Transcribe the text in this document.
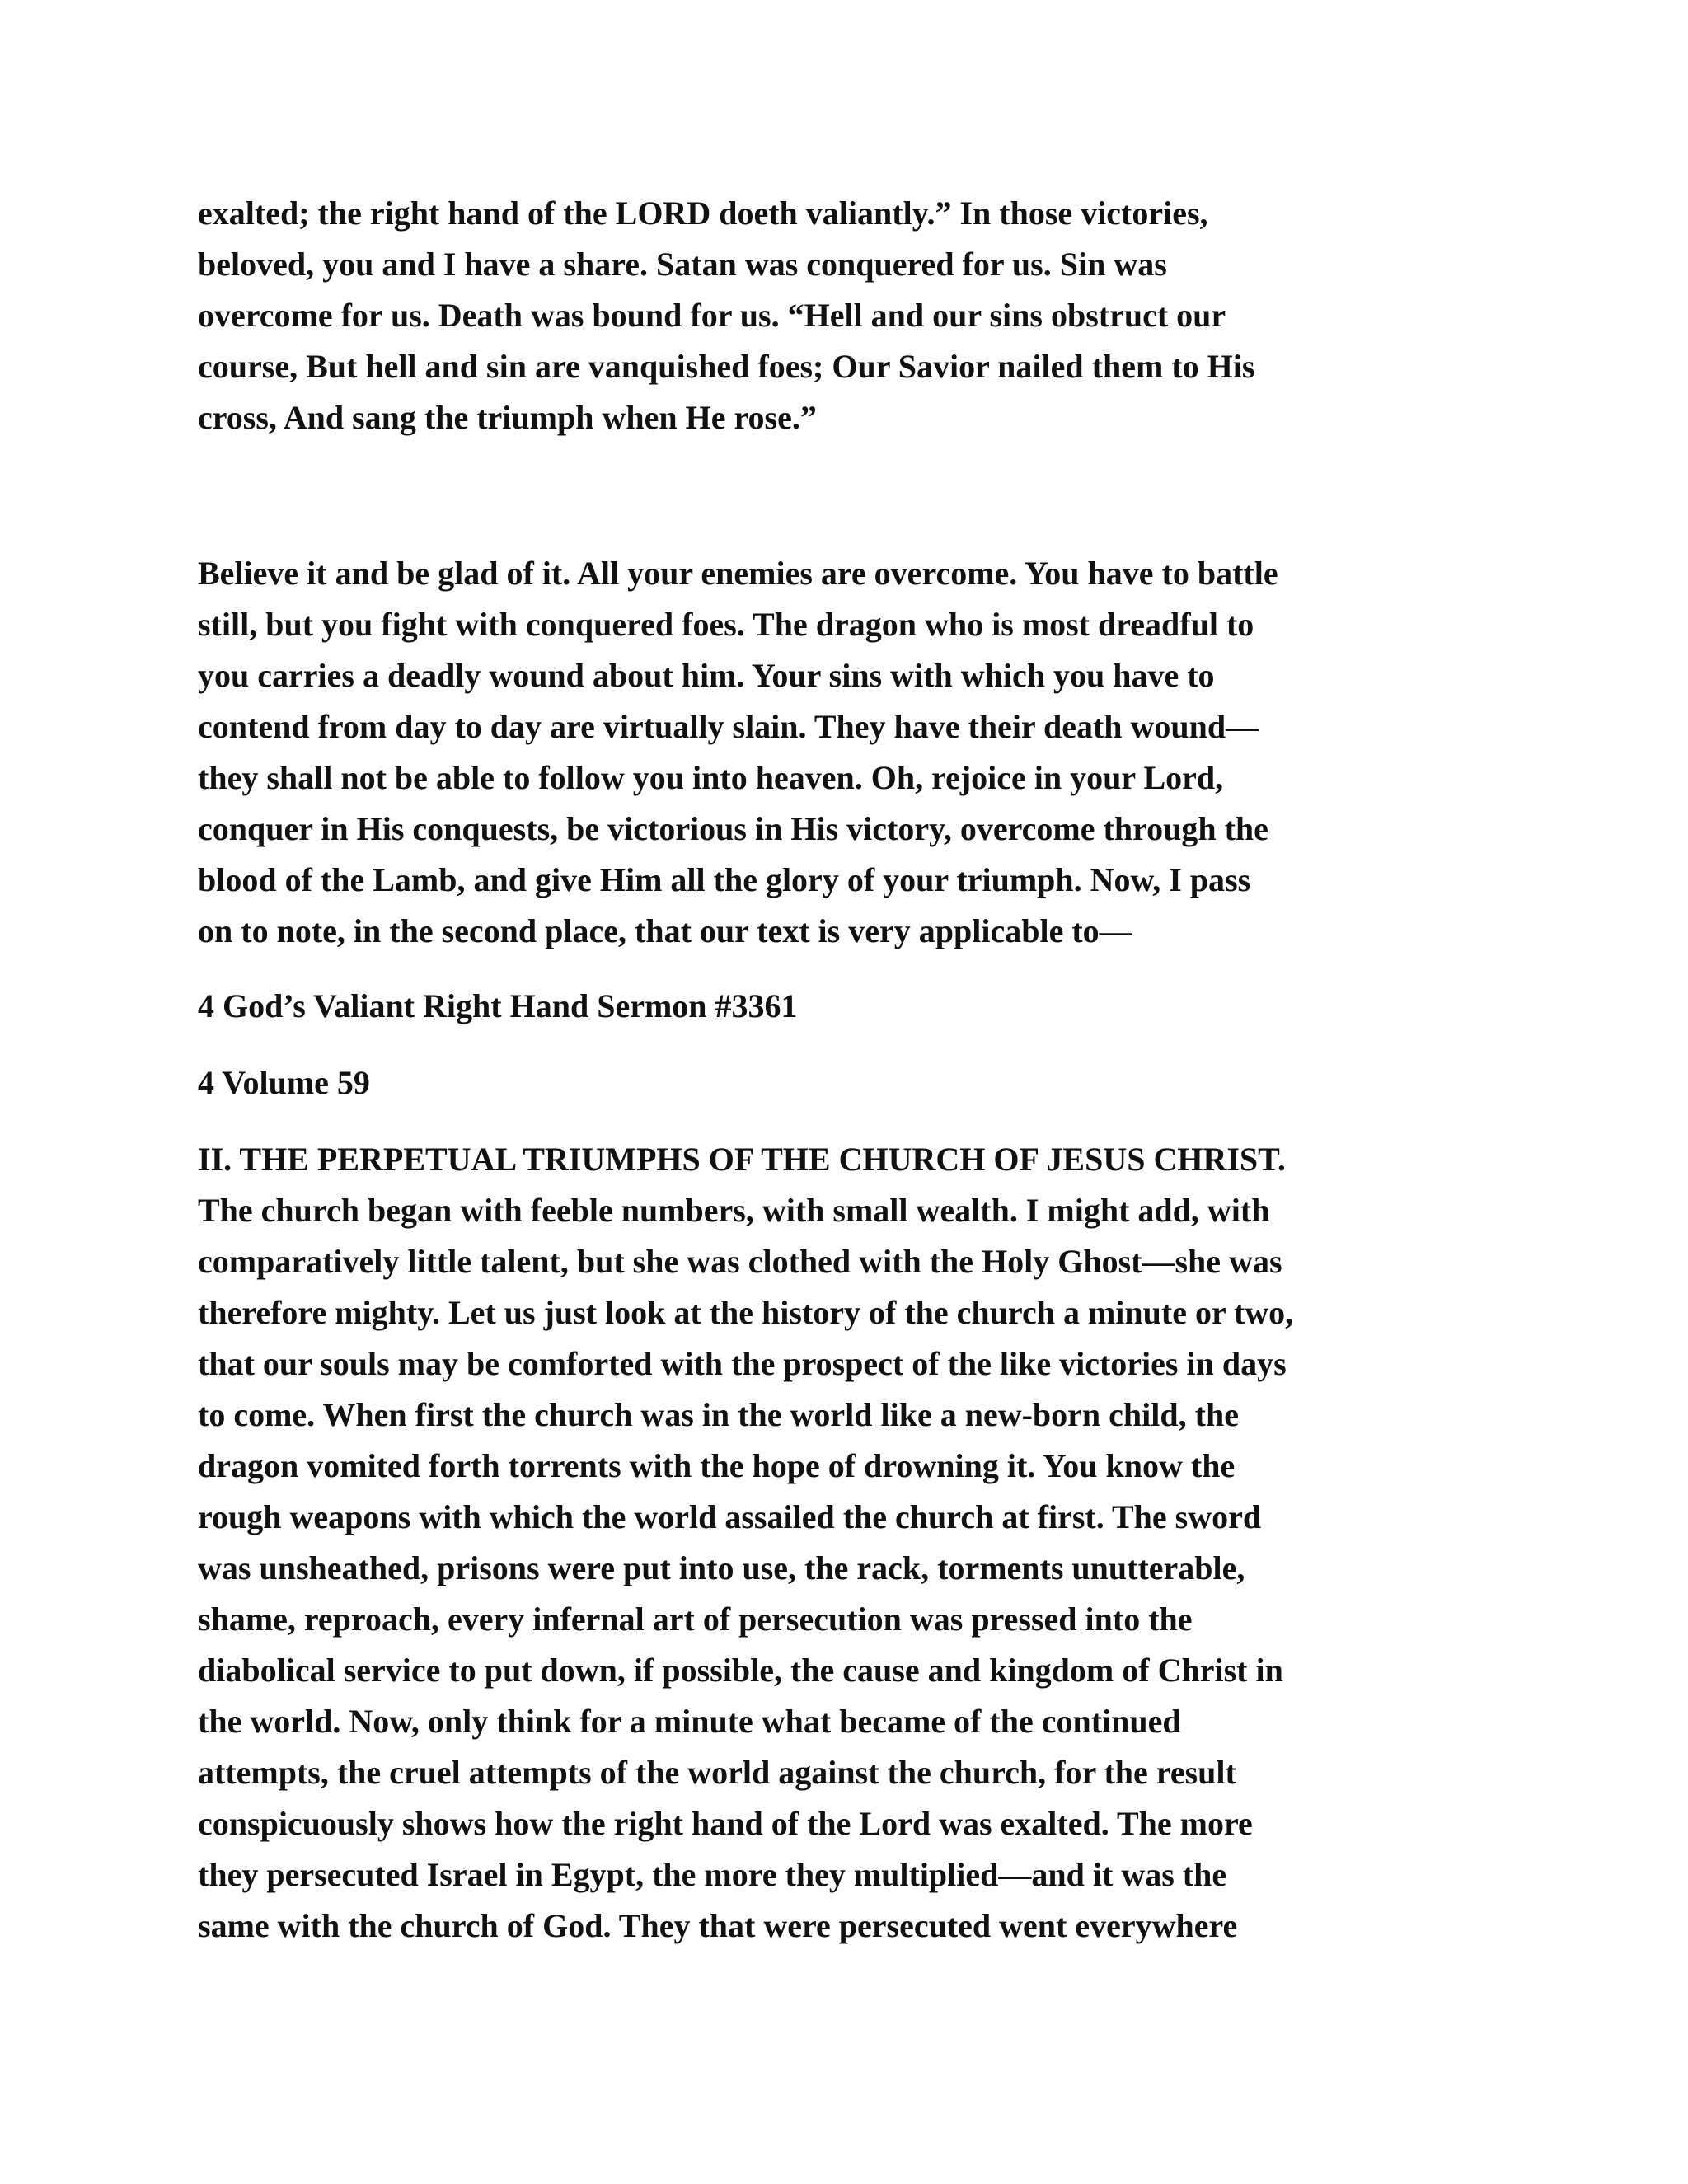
exalted; the right hand of the LORD doeth valiantly.” In those victories,
beloved, you and I have a share. Satan was conquered for us. Sin was
overcome for us. Death was bound for us. “Hell and our sins obstruct our
course, But hell and sin are vanquished foes; Our Savior nailed them to His
cross, And sang the triumph when He rose.”

Believe it and be glad of it. All your enemies are overcome. You have to battle
still, but you fight with conquered foes. The dragon who is most dreadful to
you carries a deadly wound about him. Your sins with which you have to
contend from day to day are virtually slain. They have their death wound—
they shall not be able to follow you into heaven. Oh, rejoice in your Lord,
conquer in His conquests, be victorious in His victory, overcome through the
blood of the Lamb, and give Him all the glory of your triumph. Now, I pass
on to note, in the second place, that our text is very applicable to—

4 God’s Valiant Right Hand Sermon #3361

4 Volume 59

II. THE PERPETUAL TRIUMPHS OF THE CHURCH OF JESUS CHRIST.
The church began with feeble numbers, with small wealth. I might add, with
comparatively little talent, but she was clothed with the Holy Ghost—she was
therefore mighty. Let us just look at the history of the church a minute or two,
that our souls may be comforted with the prospect of the like victories in days
to come. When first the church was in the world like a new-born child, the
dragon vomited forth torrents with the hope of drowning it. You know the
rough weapons with which the world assailed the church at first. The sword
was unsheathed, prisons were put into use, the rack, torments unutterable,
shame, reproach, every infernal art of persecution was pressed into the
diabolical service to put down, if possible, the cause and kingdom of Christ in
the world. Now, only think for a minute what became of the continued
attempts, the cruel attempts of the world against the church, for the result
conspicuously shows how the right hand of the Lord was exalted. The more
they persecuted Israel in Egypt, the more they multiplied—and it was the
same with the church of God. They that were persecuted went everywhere
